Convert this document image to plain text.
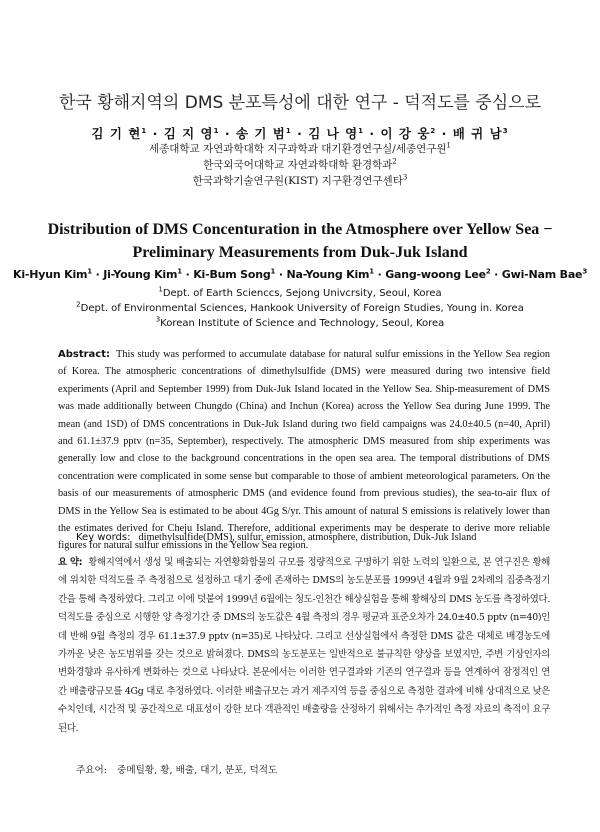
한국 황해지역의 DMS 분포특성에 대한 연구 - 덕적도를 중심으로
김 기 현$^1$ · 김 지 영$^1$ · 송 기 범$^1$ · 김 나 영$^1$ · 이 강 웅$^2$ · 배 귀 남$^3$
세종대학교 자연과학대학 지구과학과 대기환경연구실/세종연구원$^1$
한국외국어대학교 자연과학대학 환경학과$^2$
한국과학기술연구원(KIST) 지구환경연구센타$^3$
Distribution of DMS Concenturation in the Atmosphere over Yellow Sea −
Preliminary Measurements from Duk-Juk Island
Ki-Hyun Kim$^1$ · Ji-Young Kim$^1$ · Ki-Bum Song$^1$ · Na-Young Kim$^1$ · Gang-woong Lee$^2$ · Gwi-Nam Bae$^3$
$^1$Dept. of Earth Scienccs, Sejong Univcrsity, Seoul, Korea
$^2$Dept. of Environmental Sciences, Hankook University of Foreign Studies, Young in. Korea
$^3$Korean Institute of Science and Technology, Seoul, Korea
Abstract: This study was performed to accumulate database for natural sulfur emissions in the Yellow Sea region of Korea. The atmospheric concentrations of dimethylsulfide (DMS) were measured during two intensive field experiments (April and September 1999) from Duk-Juk Island located in the Yellow Sea. Ship-measurement of DMS was made additionally between Chungdo (China) and Inchun (Korea) across the Yellow Sea during June 1999. The mean (and 1SD) of DMS concentrations in Duk-Juk Island during two field campaigns was 24.0±40.5 (n=40, April) and 61.1±37.9 pptv (n=35, September), respectively. The atmospheric DMS measured from ship experiments was generally low and close to the background concentrations in the open sea area. The temporal distributions of DMS concentration were complicated in some sense but comparable to those of ambient meteorological parameters. On the basis of our measurements of atmospheric DMS (and evidence found from previous studies), the sea-to-air flux of DMS in the Yellow Sea is estimated to be about 4Gg S/yr. This amount of natural S emissions is relatively lower than the estimates derived for Cheju Island. Therefore, additional experiments may be desperate to derive more reliable figures for natural sulfur emissions in the Yellow Sea region.
Key words: dimethylsulfide(DMS), sulfur, emission, atmosphere, distribution, Duk-Juk Island
요 약: 황해지역에서 생성 및 배출되는 자연황화합물의 규모를 정량적으로 구명하기 위한 노력의 일환으로, 본 연구진은 황해에 위치한 덕적도를 주 측정점으로 설정하고 대기 중에 존재하는 DMS의 농도분포를 1999년 4월과 9월 2차례의 집중측정기간을 통해 측정하였다. 그리고 이에 덧붙여 1999년 6월에는 청도-인천간 해상실험을 통해 황해상의 DMS 농도를 측정하였다. 덕적도를 중심으로 시행한 양 측정기간 중 DMS의 농도값은 4월 측정의 경우 평균과 표준오차가 24.0±40.5 pptv (n=40)인데 반해 9월 측정의 경우 61.1±37.9 pptv (n=35)로 나타났다. 그리고 선상실험에서 측정한 DMS 값은 대체로 배경농도에 가까운 낮은 농도범위를 갖는 것으로 밝혀졌다. DMS의 농도분포는 일반적으로 불규칙한 양상을 보였지만, 주변 기상인자의 변화경향과 유사하게 변화하는 것으로 나타났다. 본문에서는 이러한 연구결과와 기존의 연구결과 등을 연계하여 잠정적인 연간 배출량규모를 4Gg 대로 추정하였다. 이러한 배출규모는 과거 제주지역 등을 중심으로 측정한 결과에 비해 상대적으로 낮은 수치인데, 시간적 및 공간적으로 대표성이 강한 보다 객관적인 배출량을 산정하기 위해서는 추가적인 측정 자료의 축적이 요구된다.
주요어: 중메틸황, 황, 배출, 대기, 분포, 덕적도
